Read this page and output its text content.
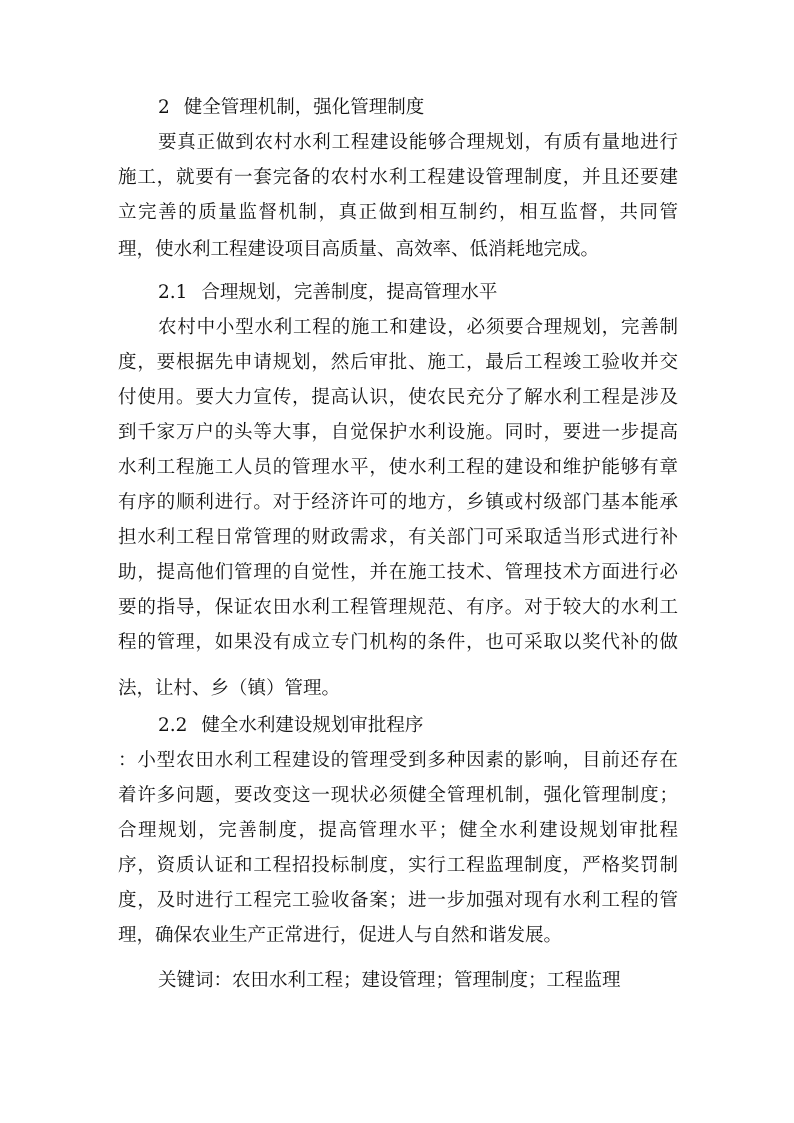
2 健全管理机制，强化管理制度
要真正做到农村水利工程建设能够合理规划，有质有量地进行
施工，就要有一套完备的农村水利工程建设管理制度，并且还要建
立完善的质量监督机制，真正做到相互制约，相互监督，共同管
理，使水利工程建设项目高质量、高效率、低消耗地完成。
2.1 合理规划，完善制度，提高管理水平
农村中小型水利工程的施工和建设，必须要合理规划，完善制
度，要根据先申请规划，然后审批、施工，最后工程竣工验收并交
付使用。要大力宣传，提高认识，使农民充分了解水利工程是涉及
到千家万户的头等大事，自觉保护水利设施。同时，要进一步提高
水利工程施工人员的管理水平，使水利工程的建设和维护能够有章
有序的顺利进行。对于经济许可的地方，乡镇或村级部门基本能承
担水利工程日常管理的财政需求，有关部门可采取适当形式进行补
助，提高他们管理的自觉性，并在施工技术、管理技术方面进行必
要的指导，保证农田水利工程管理规范、有序。对于较大的水利工
程的管理，如果没有成立专门机构的条件，也可采取以奖代补的做
法，让村、乡（镇）管理。
2.2 健全水利建设规划审批程序
：小型农田水利工程建设的管理受到多种因素的影响，目前还存在
着许多问题，要改变这一现状必须健全管理机制，强化管理制度；
合理规划，完善制度，提高管理水平；健全水利建设规划审批程
序，资质认证和工程招投标制度，实行工程监理制度，严格奖罚制
度，及时进行工程完工验收备案；进一步加强对现有水利工程的管
理，确保农业生产正常进行，促进人与自然和谐发展。
关键词：农田水利工程；建设管理；管理制度；工程监理
